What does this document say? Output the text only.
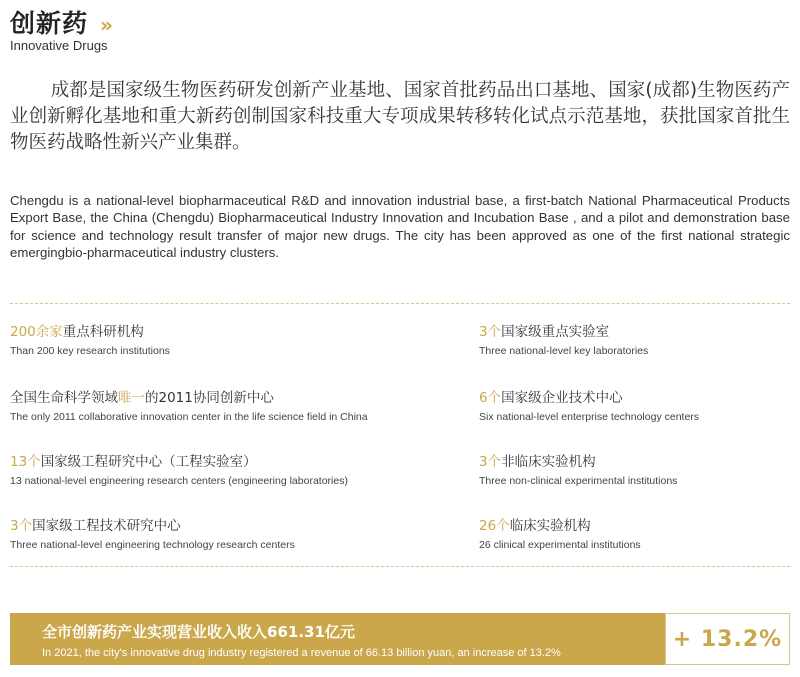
创新药 »
Innovative Drugs

成都是国家级生物医药研发创新产业基地、国家首批药品出口基地、国家(成都)生物医药产业创新孵化基地和重大新药创制国家科技重大专项成果转移转化试点示范基地，获批国家首批生物医药战略性新兴产业集群。

Chengdu is a national-level biopharmaceutical R&D and innovation industrial base, a first-batch National Pharmaceutical Products Export Base, the China (Chengdu) Biopharmaceutical Industry Innovation and Incubation Base , and a pilot and demonstration base for science and technology result transfer of major new drugs. The city has been approved as one of the first national strategic emergingbio-pharmaceutical industry clusters.

200余家重点科研机构
Than 200 key research institutions
3个国家级重点实验室
Three national-level key laboratories
全国生命科学领域唯一的2011协同创新中心
The only 2011 collaborative innovation center in the life science field in China
6个国家级企业技术中心
Six national-level enterprise technology centers
13个国家级工程研究中心（工程实验室）
13 national-level engineering research centers (engineering laboratories)
3个非临床实验机构
Three non-clinical experimental institutions
3个国家级工程技术研究中心
Three national-level engineering technology research centers
26个临床实验机构
26 clinical experimental institutions
全市创新药产业实现营业收入收入661.31亿元
In 2021, the city's innovative drug industry registered a revenue of 66.13 billion yuan, an increase of 13.2%
+ 13.2%
